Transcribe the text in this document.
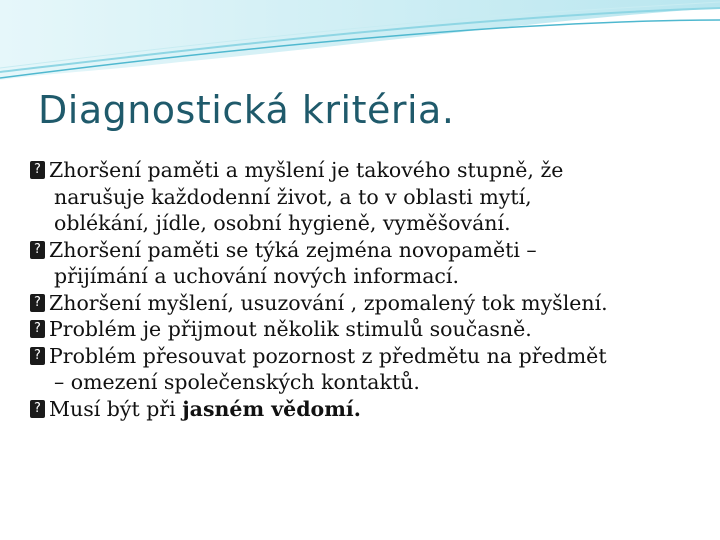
Diagnostická kritéria.
? Zhoršení paměti a myšlení je takového stupně, že
narušuje každodenní život, a to v oblasti mytí,
oblékání, jídle, osobní hygieně, vyměšování.
? Zhoršení paměti se týká zejména novopaměti –
přijímání a uchování nových informací.
? Zhoršení myšlení, usuzování , zpomalený tok myšlení.
? Problém je přijmout několik stimulů současně.
? Problém přesouvat pozornost z předmětu na předmět
– omezení společenských kontaktů.
? Musí být při jasném vědomí.
